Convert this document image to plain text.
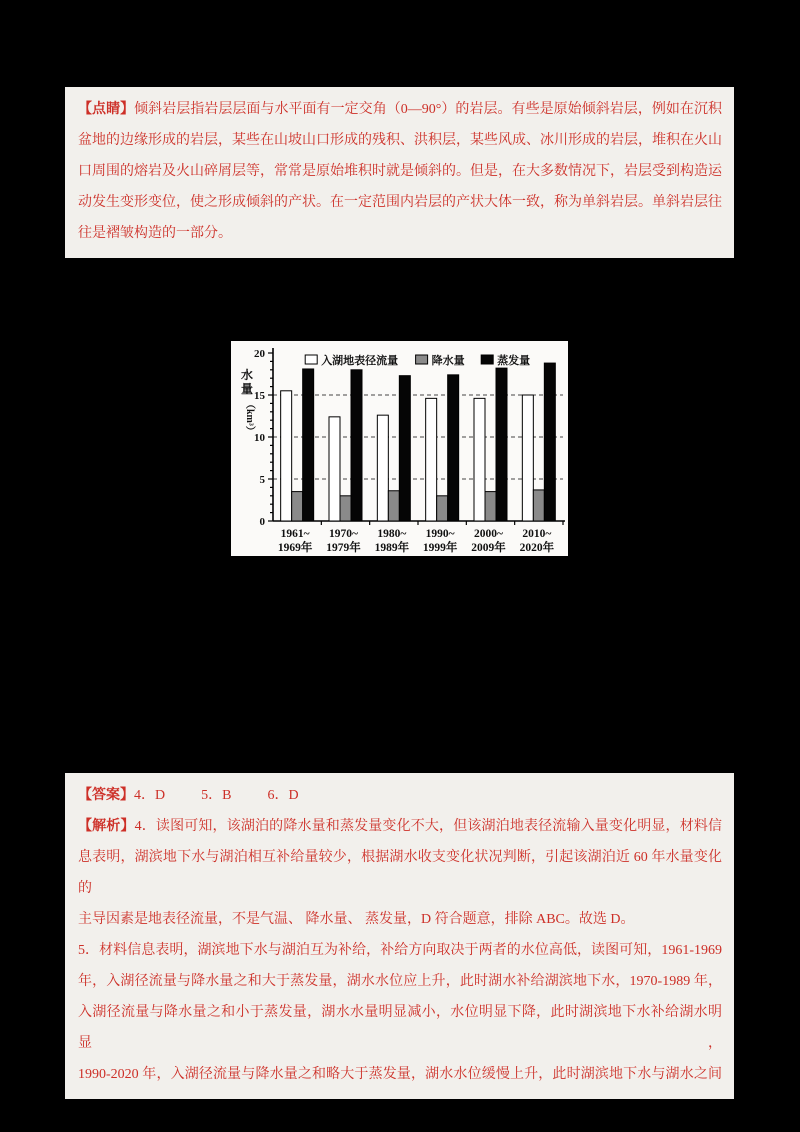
【点睛】倾斜岩层指岩层层面与水平面有一定交角（0—90°）的岩层。有些是原始倾斜岩层，例如在沉积
盆地的边缘形成的岩层，某些在山坡山口形成的残积、洪积层，某些风成、冰川形成的岩层，堆积在火山
口周围的熔岩及火山碎屑层等，常常是原始堆积时就是倾斜的。但是，在大多数情况下，岩层受到构造运
动发生变形变位，使之形成倾斜的产状。在一定范围内岩层的产状大体一致，称为单斜岩层。单斜岩层往
往是褶皱构造的一部分。
0
5
10
15
20
水
量
（km³）
1961~
1969年
1970~
1979年
1980~
1989年
1990~
1999年
2000~
2009年
2010~
2020年
入湖地表径流量	降水量	蒸发量
【答案】4．D	5．B	6．D
【解析】4．读图可知，该湖泊的降水量和蒸发量变化不大，但该湖泊地表径流输入量变化明显，材料信
息表明，湖滨地下水与湖泊相互补给量较少，根据湖水收支变化状况判断，引起该湖泊近 60 年水量变化的
主导因素是地表径流量，不是气温、 降水量、 蒸发量，D 符合题意，排除 ABC。故选 D。
5．材料信息表明，湖滨地下水与湖泊互为补给，补给方向取决于两者的水位高低，读图可知，1961-1969
年，入湖径流量与降水量之和大于蒸发量，湖水水位应上升，此时湖水补给湖滨地下水，1970-1989 年，
入湖径流量与降水量之和小于蒸发量，湖水水量明显减小，水位明显下降，此时湖滨地下水补给湖水明显，
1990-2020 年，入湖径流量与降水量之和略大于蒸发量，湖水水位缓慢上升，此时湖滨地下水与湖水之间
